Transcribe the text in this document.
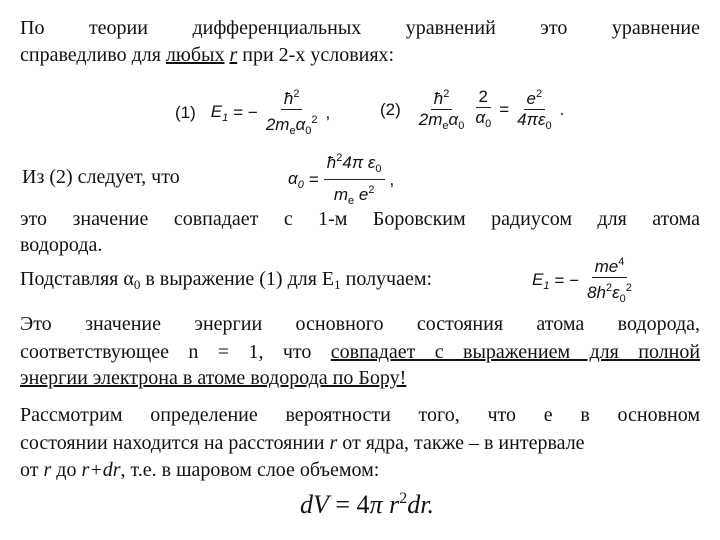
По теории дифференциальных уравнений это уравнение
справедливо для любых r при 2-х условиях:
(1) $E_1$ = − $\frac{ħ^2}{2m_e\alpha_0^2}$ ,	$(2) \frac{ħ^2}{2m_e\alpha_0} \frac{2}{\alpha_0} = \frac{e^2}{4\pi\varepsilon_0}$ .
Из (2) следует, что	$\alpha_0 = \frac{ħ^24\pi \varepsilon_0}{m_e e^2}$ ,
это значение совпадает с 1-м Боровским радиусом для атома
водорода.
Подставляя $\alpha_0$ в выражение (1) для $E_1$ получаем:	$E_1$ = − $\frac{me^4}{8h^2\varepsilon_0^2}$
Это значение энергии основного состояния атома водорода,
соответствующее n = 1, что совпадает с выражением для полной
энергии электрона в атоме водорода по Бору!
Рассмотрим определение вероятности того, что е в основном
состоянии находится на расстоянии r от ядра, также – в интервале
от r до r+dr, т.е. в шаровом слое объемом:
dV = 4π $r^2dr$.
